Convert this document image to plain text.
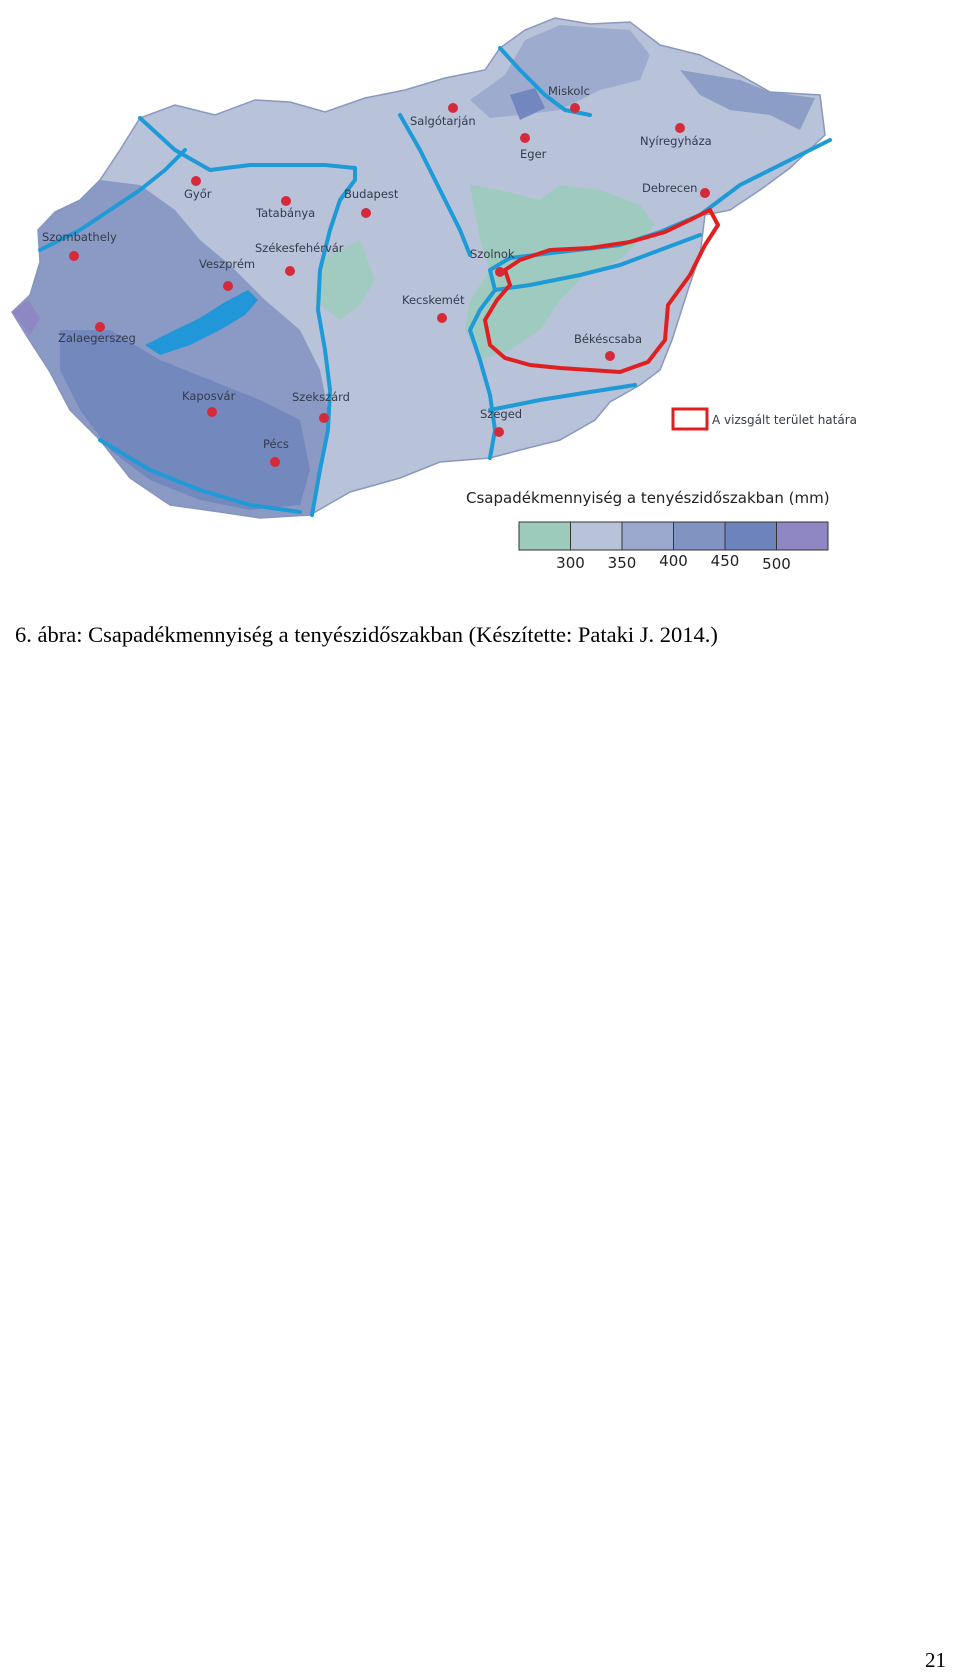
Miskolc
Salgótarján
Eger
Nyíregyháza
Debrecen
Győr
Tatabánya
Budapest
Szombathely
Székesfehérvár
Veszprém
Szolnok
Kecskemét
Zalaegerszeg	Békéscsaba
Kaposvár	Szekszárd
Szeged
Pécs
A vizsgált terület határa
Csapadékmennyiség a tenyészidőszakban (mm)
300 350 400 450 500
6. ábra: Csapadékmennyiség a tenyészidőszakban (Készítette: Pataki J. 2014.)
21
